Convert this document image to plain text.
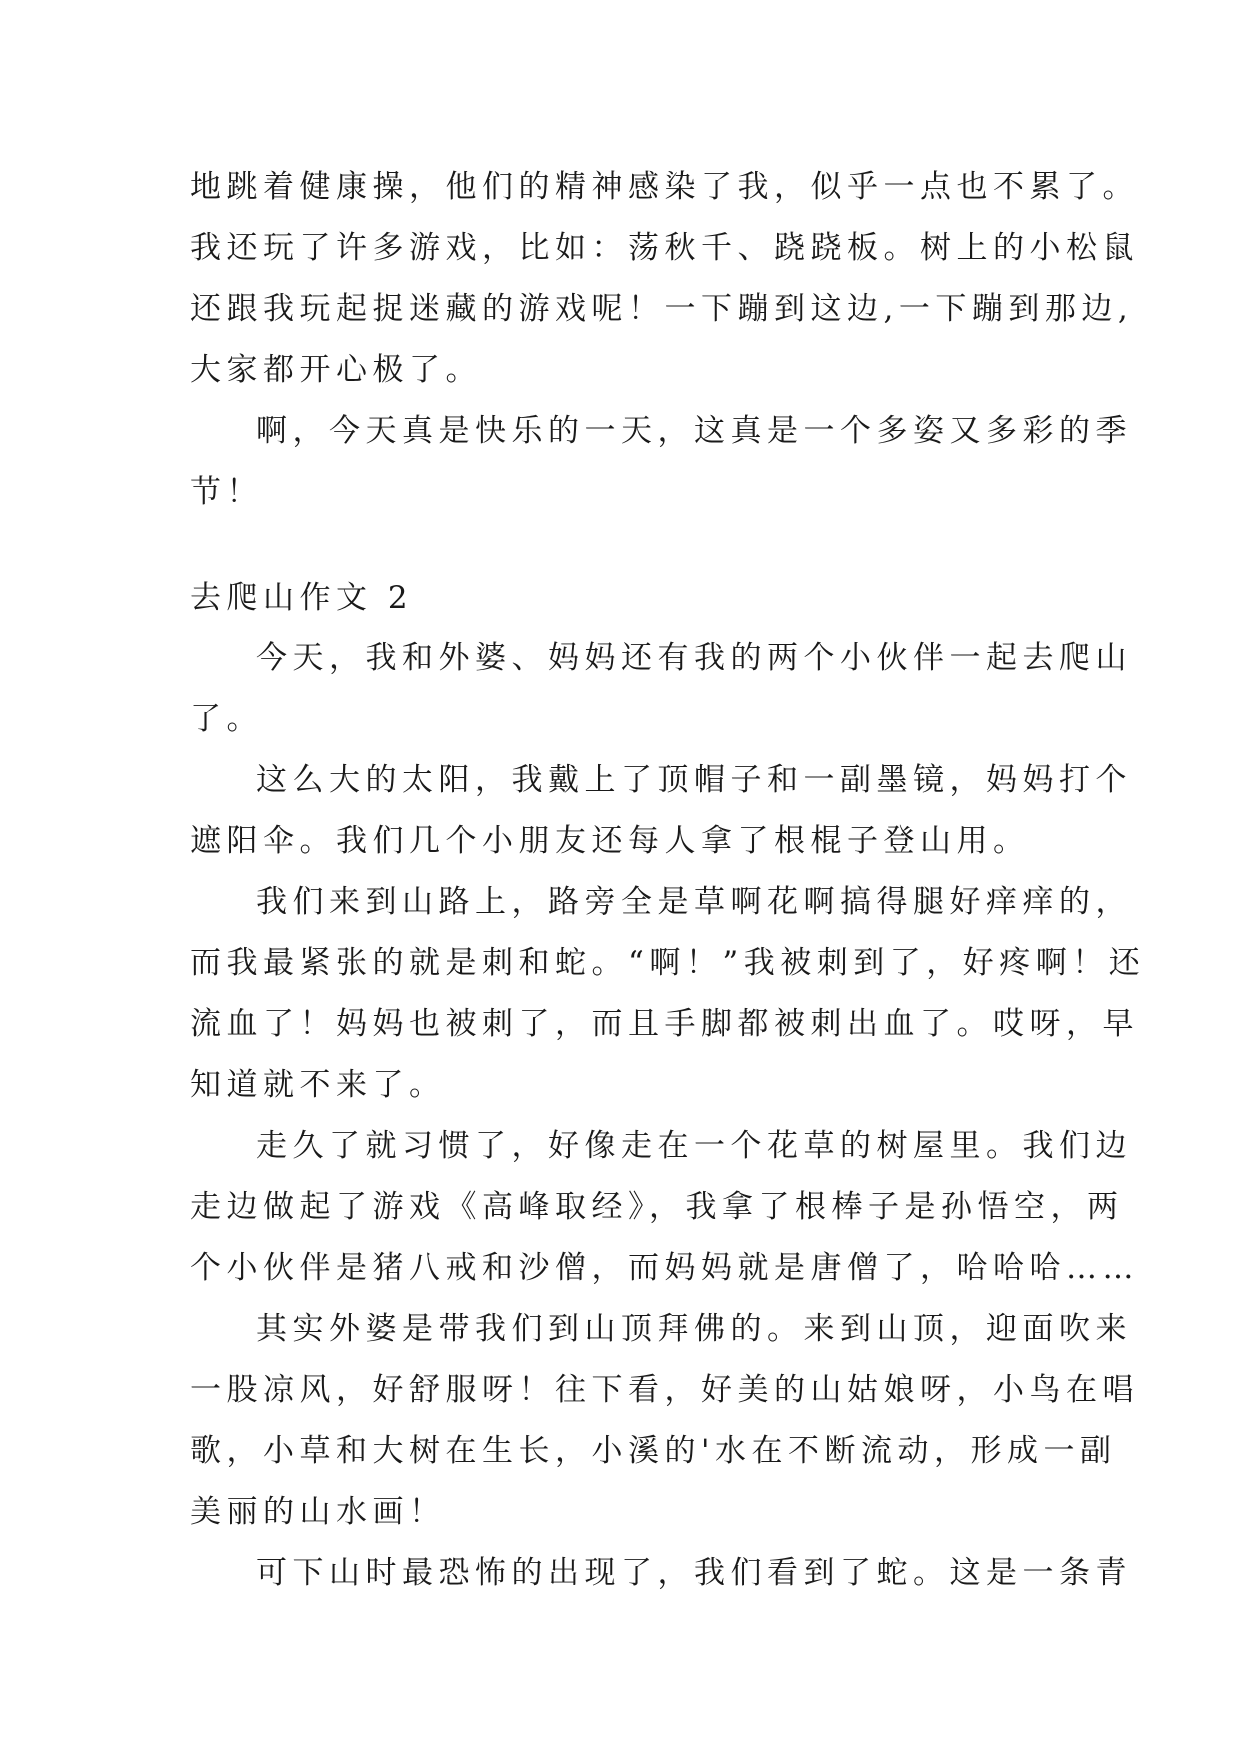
地跳着健康操，他们的精神感染了我，似乎一点也不累了。
我还玩了许多游戏，比如：荡秋千、跷跷板。树上的小松鼠
还跟我玩起捉迷藏的游戏呢！一下蹦到这边,一下蹦到那边,
大家都开心极了。
啊，今天真是快乐的一天，这真是一个多姿又多彩的季
节！
去爬山作文 2
今天，我和外婆、妈妈还有我的两个小伙伴一起去爬山
了。
这么大的太阳，我戴上了顶帽子和一副墨镜，妈妈打个
遮阳伞。我们几个小朋友还每人拿了根棍子登山用。
我们来到山路上，路旁全是草啊花啊搞得腿好痒痒的，
而我最紧张的就是刺和蛇。“啊！”我被刺到了，好疼啊！还
流血了！妈妈也被刺了，而且手脚都被刺出血了。哎呀，早
知道就不来了。
走久了就习惯了，好像走在一个花草的树屋里。我们边
走边做起了游戏《高峰取经》，我拿了根棒子是孙悟空，两
个小伙伴是猪八戒和沙僧，而妈妈就是唐僧了，哈哈哈……
其实外婆是带我们到山顶拜佛的。来到山顶，迎面吹来
一股凉风，好舒服呀！往下看，好美的山姑娘呀，小鸟在唱
歌，小草和大树在生长，小溪的'水在不断流动，形成一副
美丽的山水画！
可下山时最恐怖的出现了，我们看到了蛇。这是一条青
